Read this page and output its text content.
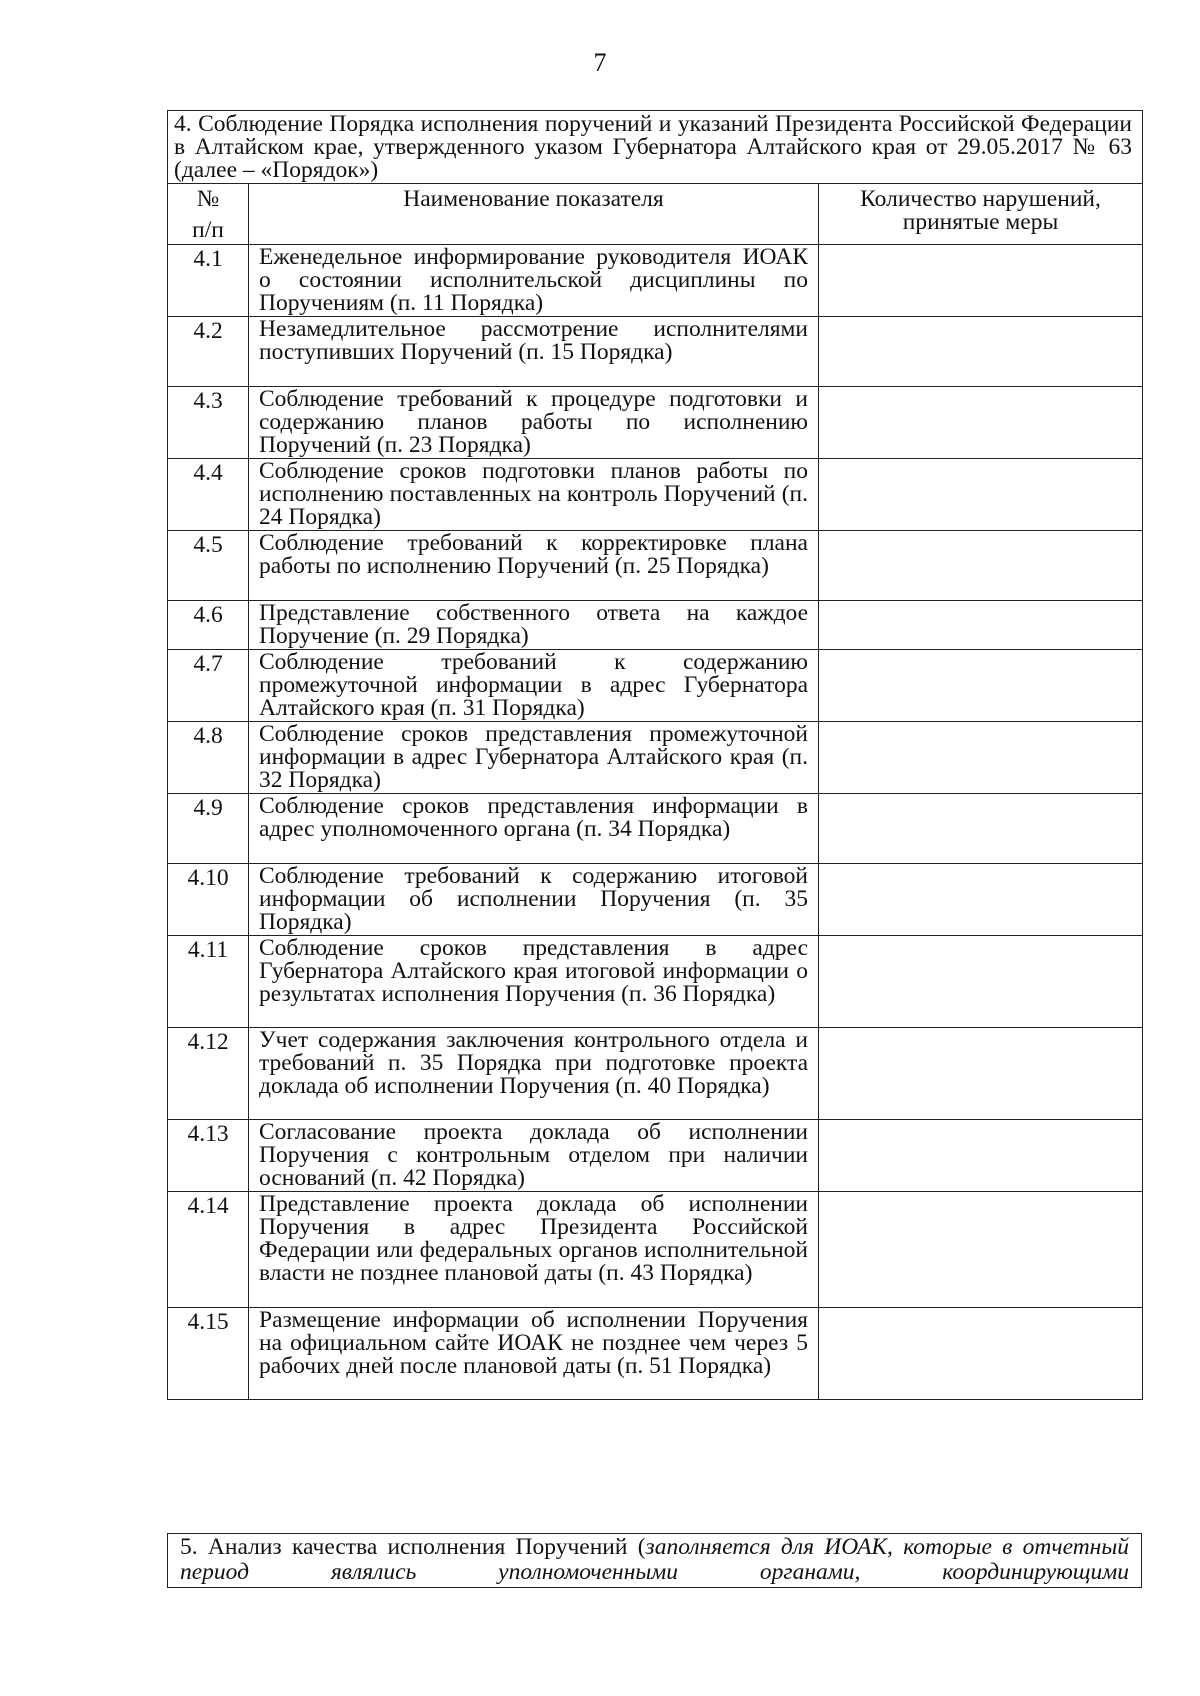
7
4. Соблюдение Порядка исполнения поручений и указаний Президента Российской Федерации в Алтайском крае, утвержденного указом Губернатора Алтайского края от 29.05.2017 № 63 (далее – «Порядок»)		

№
п/п	Наименование показателя	Количество нарушений, принятые меры
4.1	Еженедельное информирование руководителя ИОАК о состоянии исполнительской дисциплины по Поручениям (п. 11 Порядка)	
4.2	Незамедлительное рассмотрение исполнителями поступивших Поручений (п. 15 Порядка)	
4.3	Соблюдение требований к процедуре подготовки и содержанию планов работы по исполнению Поручений (п. 23 Порядка)	
4.4	Соблюдение сроков подготовки планов работы по исполнению поставленных на контроль Поручений (п. 24 Порядка)	
4.5	Соблюдение требований к корректировке плана работы по исполнению Поручений (п. 25 Порядка)	
4.6	Представление собственного ответа на каждое Поручение (п. 29 Порядка)	
4.7	Соблюдение требований к содержанию промежуточной информации в адрес Губернатора Алтайского края (п. 31 Порядка)	
4.8	Соблюдение сроков представления промежуточной информации в адрес Губернатора Алтайского края (п. 32 Порядка)	
4.9	Соблюдение сроков представления информации в адрес уполномоченного органа (п. 34 Порядка)	
4.10	Соблюдение требований к содержанию итоговой информации об исполнении Поручения (п. 35 Порядка)	
4.11	Соблюдение сроков представления в адрес Губернатора Алтайского края итоговой информации о результатах исполнения Поручения (п. 36 Порядка)	
4.12	Учет содержания заключения контрольного отдела и требований п. 35 Порядка при подготовке проекта доклада об исполнении Поручения (п. 40 Порядка)	
4.13	Согласование проекта доклада об исполнении Поручения с контрольным отделом при наличии оснований (п. 42 Порядка)	
4.14	Представление проекта доклада об исполнении Поручения в адрес Президента Российской Федерации или федеральных органов исполнительной власти не позднее плановой даты (п. 43 Порядка)	
4.15	Размещение информации об исполнении Поручения на официальном сайте ИОАК не позднее чем через 5 рабочих дней после плановой даты (п. 51 Порядка)	
5. Анализ качества исполнения Поручений (заполняется для ИОАК, которые в отчетный период являлись уполномоченными органами, координирующими
